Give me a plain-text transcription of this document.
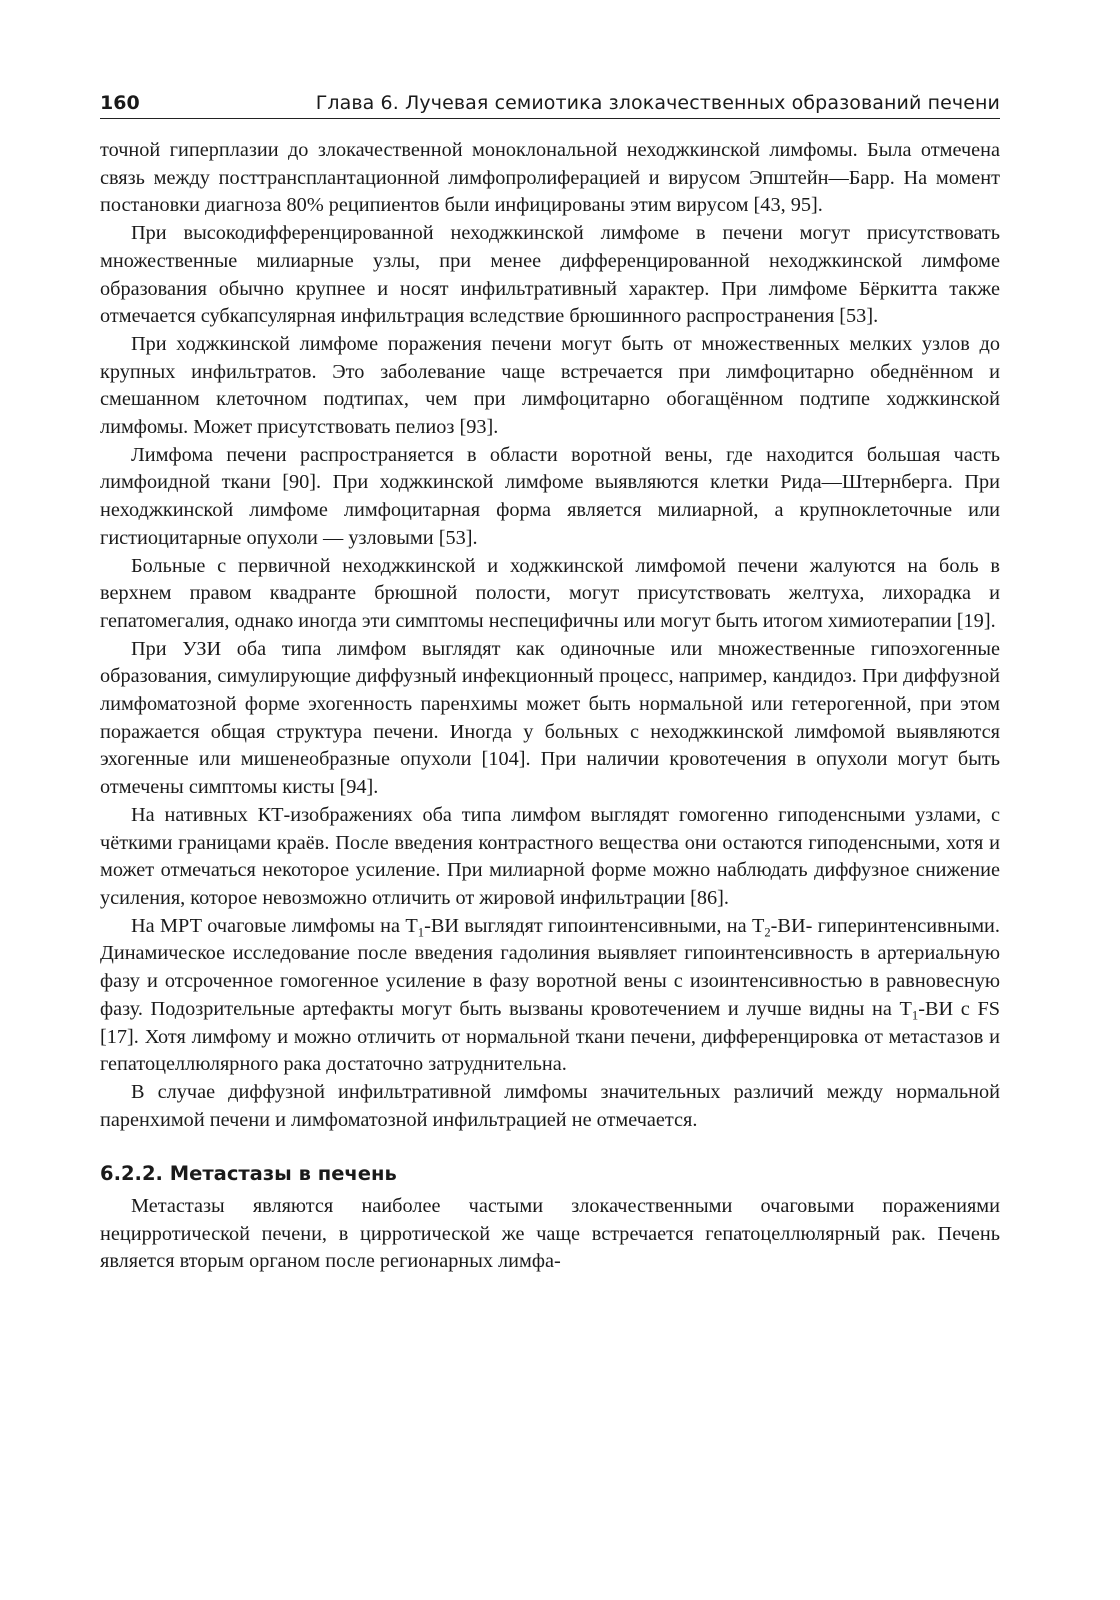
160	Глава 6. Лучевая семиотика злокачественных образований печени

точной гиперплазии до злокачественной моноклональной неходжкинской лимфомы. Была отмечена связь между посттрансплантационной лимфопролиферацией и вирусом Эпштейн—Барр. На момент постановки диагноза 80% реципиентов были инфицированы этим вирусом [43, 95].

При высокодифференцированной неходжкинской лимфоме в печени могут присутствовать множественные милиарные узлы, при менее дифференцированной неходжкинской лимфоме образования обычно крупнее и носят инфильтративный характер. При лимфоме Бёркитта также отмечается субкапсулярная инфильтрация вследствие брюшинного распространения [53].

При ходжкинской лимфоме поражения печени могут быть от множественных мелких узлов до крупных инфильтратов. Это заболевание чаще встречается при лимфоцитарно обеднённом и смешанном клеточном подтипах, чем при лимфоцитарно обогащённом подтипе ходжкинской лимфомы. Может присутствовать пелиоз [93].

Лимфома печени распространяется в области воротной вены, где находится большая часть лимфоидной ткани [90]. При ходжкинской лимфоме выявляются клетки Рида—Штернберга. При неходжкинской лимфоме лимфоцитарная форма является милиарной, а крупноклеточные или гистиоцитарные опухоли — узловыми [53].

Больные с первичной неходжкинской и ходжкинской лимфомой печени жалуются на боль в верхнем правом квадранте брюшной полости, могут присутствовать желтуха, лихорадка и гепатомегалия, однако иногда эти симптомы неспецифичны или могут быть итогом химиотерапии [19].

При УЗИ оба типа лимфом выглядят как одиночные или множественные гипоэхогенные образования, симулирующие диффузный инфекционный процесс, например, кандидоз. При диффузной лимфоматозной форме эхогенность паренхимы может быть нормальной или гетерогенной, при этом поражается общая структура печени. Иногда у больных с неходжкинской лимфомой выявляются эхогенные или мишенеобразные опухоли [104]. При наличии кровотечения в опухоли могут быть отмечены симптомы кисты [94].

На нативных КТ-изображениях оба типа лимфом выглядят гомогенно гиподенсными узлами, с чёткими границами краёв. После введения контрастного вещества они остаются гиподенсными, хотя и может отмечаться некоторое усиление. При милиарной форме можно наблюдать диффузное снижение усиления, которое невозможно отличить от жировой инфильтрации [86].

На МРТ очаговые лимфомы на $T_1-ВИ$ выглядят гипоинтенсивными, на $T_2-ВИ-$ гиперинтенсивными. Динамическое исследование после введения гадолиния выявляет гипоинтенсивность в артериальную фазу и отсроченное гомогенное усиление в фазу воротной вены с изоинтенсивностью в равновесную фазу. Подозрительные артефакты могут быть вызваны кровотечением и лучше видны на $T_1-ВИ$ с FS [17]. Хотя лимфому и можно отличить от нормальной ткани печени, дифференцировка от метастазов и гепатоцеллюлярного рака достаточно затруднительна.

В случае диффузной инфильтративной лимфомы значительных различий между нормальной паренхимой печени и лимфоматозной инфильтрацией не отмечается.

6.2.2. Метастазы в печень

Метастазы являются наиболее частыми злокачественными очаговыми поражениями нецирротической печени, в цирротической же чаще встречается гепатоцеллюлярный рак. Печень является вторым органом после регионарных лимфа-
